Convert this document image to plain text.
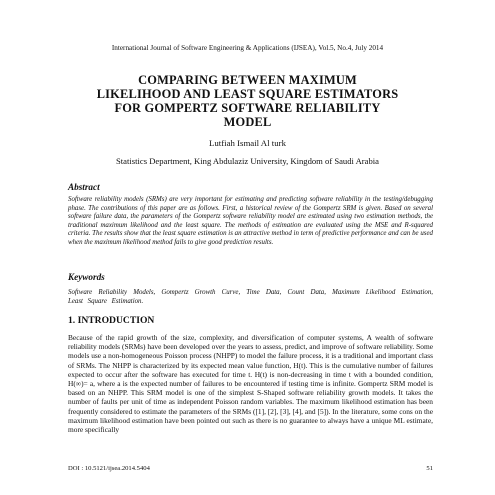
International Journal of Software Engineering & Applications (IJSEA), Vol.5, No.4, July 2014
COMPARING BETWEEN MAXIMUM LIKELIHOOD AND LEAST SQUARE ESTIMATORS FOR GOMPERTZ SOFTWARE RELIABILITY MODEL
Lutfiah Ismail Al turk
Statistics Department, King Abdulaziz University, Kingdom of Saudi Arabia
Abstract
Software reliability models (SRMs) are very important for estimating and predicting software reliability in the testing/debugging phase. The contributions of this paper are as follows. First, a historical review of the Gompertz SRM is given. Based on several software failure data, the parameters of the Gompertz software reliability model are estimated using two estimation methods, the traditional maximum likelihood and the least square. The methods of estimation are evaluated using the MSE and R-squared criteria. The results show that the least square estimation is an attractive method in term of predictive performance and can be used when the maximum likelihood method fails to give good prediction results.
Keywords
Software Reliability Models, Gompertz Growth Curve, Time Data, Count Data, Maximum Likelihood Estimation, Least Square Estimation.
1. INTRODUCTION
Because of the rapid growth of the size, complexity, and diversification of computer systems, A wealth of software reliability models (SRMs) have been developed over the years to assess, predict, and improve of software reliability. Some models use a non-homogeneous Poisson process (NHPP) to model the failure process, it is a traditional and important class of SRMs. The NHPP is characterized by its expected mean value function, H(t). This is the cumulative number of failures expected to occur after the software has executed for time t. H(t) is non-decreasing in time t with a bounded condition, H(∞)= a, where a is the expected number of failures to be encountered if testing time is infinite. Gompertz SRM model is based on an NHPP. This SRM model is one of the simplest S-Shaped software reliability growth models. It takes the number of faults per unit of time as independent Poisson random variables. The maximum likelihood estimation has been frequently considered to estimate the parameters of the SRMs ([1], [2], [3], [4], and [5]). In the literature, some cons on the maximum likelihood estimation have been pointed out such as there is no guarantee to always have a unique ML estimate, more specifically
DOI : 10.5121/ijsea.2014.5404	51
